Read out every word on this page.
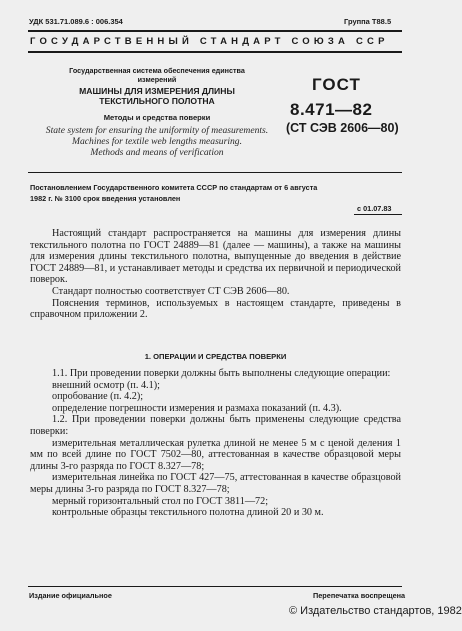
УДК 531.71.089.6 : 006.354	Группа Т88.5
ГОСУДАРСТВЕННЫЙ СТАНДАРТ СОЮЗА ССР
Государственная система обеспечения единства
измерений
МАШИНЫ ДЛЯ ИЗМЕРЕНИЯ ДЛИНЫ
ТЕКСТИЛЬНОГО ПОЛОТНА
Методы и средства поверки
ГОСТ
8.471—82
(СТ СЭВ 2606—80)
State system for ensuring the uniformity of measurements.
Machines for textile web lengths measuring.
Methods and means of verification
Постановлением Государственного комитета СССР по стандартам от 6 августа
1982 г. № 3100 срок введения установлен
с 01.07.83

Настоящий стандарт распространяется на машины для измерения длины текстильного полотна по ГОСТ 24889—81 (далее — машины), а также на машины для измерения длины текстильного полотна, выпущенные до введения в действие ГОСТ 24889—81, и устанавливает методы и средства их первичной и периодической поверок.

Стандарт полностью соответствует СТ СЭВ 2606—80.

Пояснения терминов, используемых в настоящем стандарте, приведены в справочном приложении 2.

1. ОПЕРАЦИИ И СРЕДСТВА ПОВЕРКИ

1.1. При проведении поверки должны быть выполнены следующие операции:

внешний осмотр (п. 4.1);

опробование (п. 4.2);

определение погрешности измерения и размаха показаний (п. 4.3).

1.2. При проведении поверки должны быть применены следующие средства поверки:

измерительная металлическая рулетка длиной не менее 5 м с ценой деления 1 мм по всей длине по ГОСТ 7502—80, аттестованная в качестве образцовой меры длины 3-го разряда по ГОСТ 8.327—78;

измерительная линейка по ГОСТ 427—75, аттестованная в качестве образцовой меры длины 3-го разряда по ГОСТ 8.327—78;

мерный горизонтальный стол по ГОСТ 3811—72;

контрольные образцы текстильного полотна длиной 20 и 30 м.

Издание официальное	Перепечатка воспрещена
© Издательство стандартов, 1982
